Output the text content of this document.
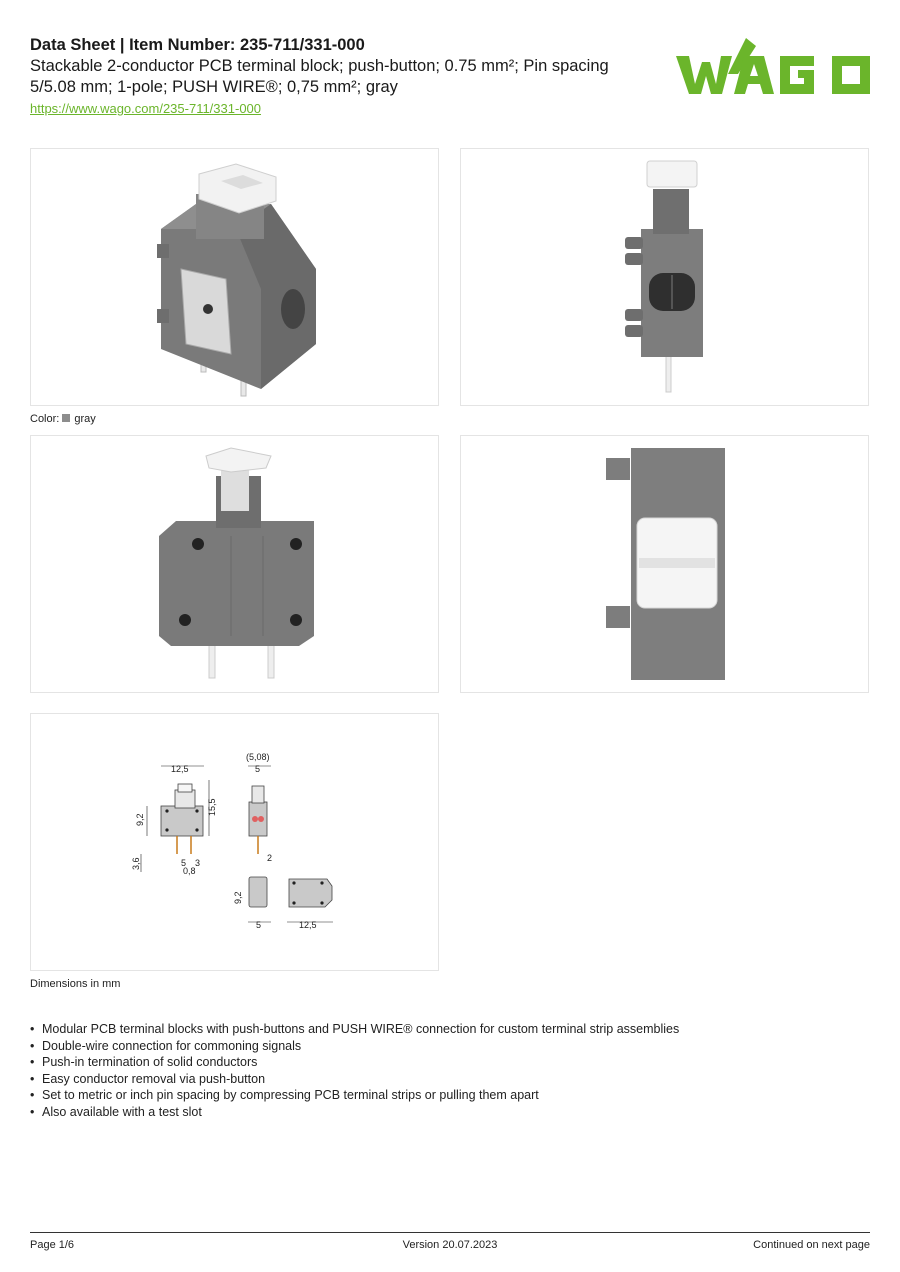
Data Sheet | Item Number: 235-711/331-000
Stackable 2-conductor PCB terminal block; push-button; 0.75 mm²; Pin spacing 5/5.08 mm; 1-pole; PUSH WIRE®; 0,75 mm²; gray
https://www.wago.com/235-711/331-000
Color: gray
12,5
15,5
9,2
3,6	5 3
0,8
(5,08)
5
2
9,2
5	12,5
Dimensions in mm
• Modular PCB terminal blocks with push-buttons and PUSH WIRE® connection for custom terminal strip assemblies
• Double-wire connection for commoning signals
• Push-in termination of solid conductors
• Easy conductor removal via push-button
• Set to metric or inch pin spacing by compressing PCB terminal strips or pulling them apart
• Also available with a test slot
Page 1/6	Version 20.07.2023	Continued on next page
